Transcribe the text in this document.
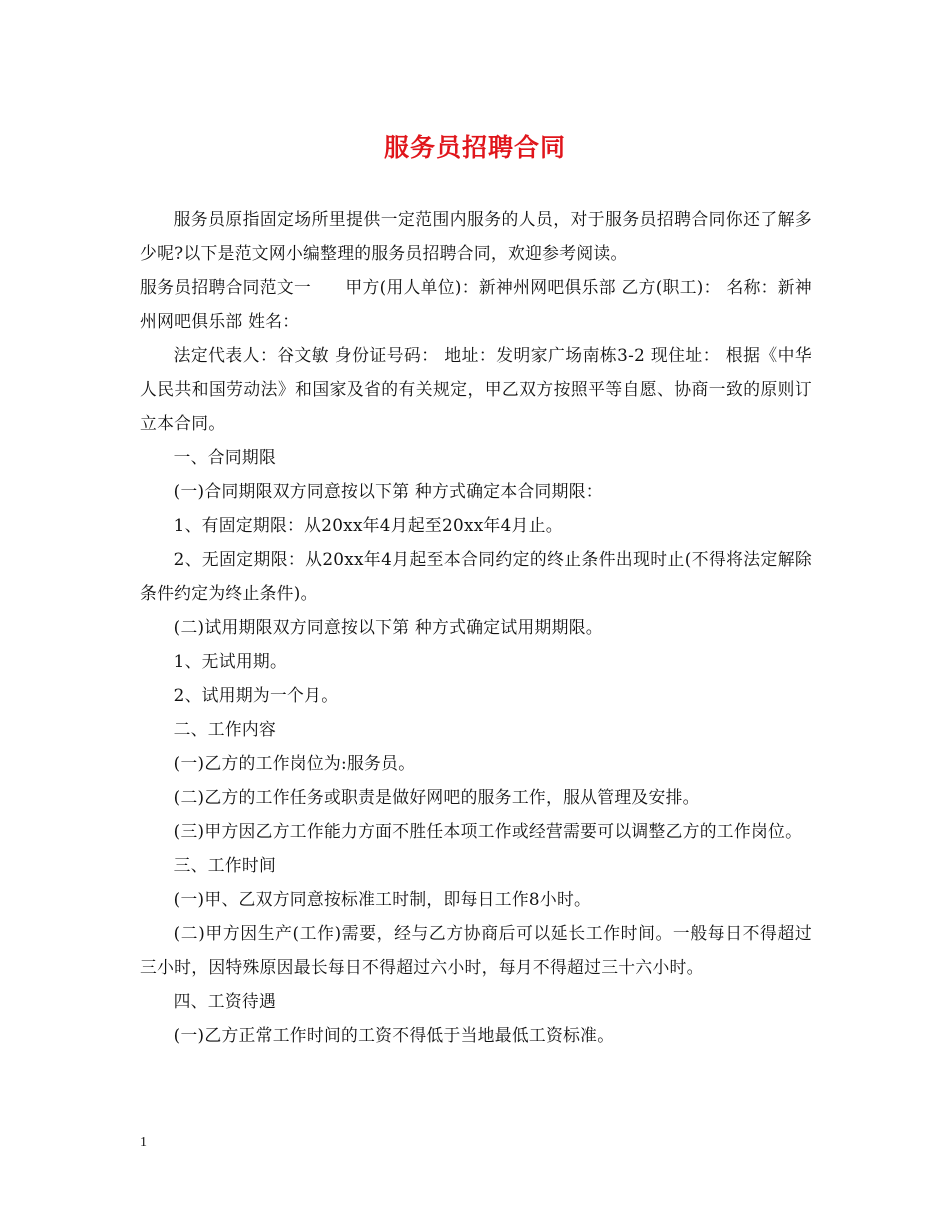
服务员招聘合同

服务员原指固定场所里提供一定范围内服务的人员，对于服务员招聘合同你还了解多少呢?以下是范文网小编整理的服务员招聘合同，欢迎参考阅读。

服务员招聘合同范文一　　甲方(用人单位)：新神州网吧俱乐部 乙方(职工)： 名称：新神州网吧俱乐部 姓名：

法定代表人：谷文敏 身份证号码： 地址：发明家广场南栋3-2 现住址： 根据《中华人民共和国劳动法》和国家及省的有关规定，甲乙双方按照平等自愿、协商一致的原则订立本合同。

一、合同期限

(一)合同期限双方同意按以下第 种方式确定本合同期限：

1、有固定期限：从20xx年4月起至20xx年4月止。

2、无固定期限：从20xx年4月起至本合同约定的终止条件出现时止(不得将法定解除条件约定为终止条件)。

(二)试用期限双方同意按以下第 种方式确定试用期期限。

1、无试用期。

2、试用期为一个月。

二、工作内容

(一)乙方的工作岗位为:服务员。

(二)乙方的工作任务或职责是做好网吧的服务工作，服从管理及安排。

(三)甲方因乙方工作能力方面不胜任本项工作或经营需要可以调整乙方的工作岗位。

三、工作时间

(一)甲、乙双方同意按标准工时制，即每日工作8小时。

(二)甲方因生产(工作)需要，经与乙方协商后可以延长工作时间。一般每日不得超过三小时，因特殊原因最长每日不得超过六小时，每月不得超过三十六小时。

四、工资待遇

(一)乙方正常工作时间的工资不得低于当地最低工资标准。

1
